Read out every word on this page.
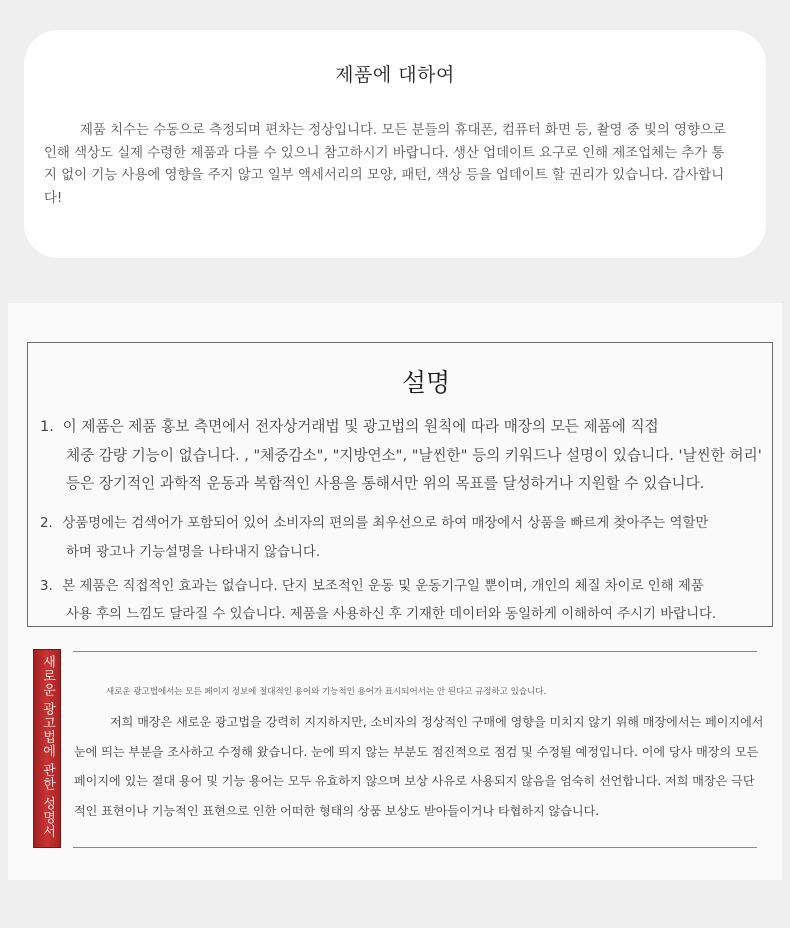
제품에 대하여
제품 치수는 수동으로 측정되며 편차는 정상입니다. 모든 분들의 휴대폰, 컴퓨터 화면 등, 촬영 중 빛의 영향으로 인해 색상도 실제 수령한 제품과 다를 수 있으니 참고하시기 바랍니다. 생산 업데이트 요구로 인해 제조업체는 추가 통지 없이 기능 사용에 영향을 주지 않고 일부 액세서리의 모양, 패턴, 색상 등을 업데이트 할 권리가 있습니다. 감사합니다!
설명
1. 이 제품은 제품 홍보 측면에서 전자상거래법 및 광고법의 원칙에 따라 매장의 모든 제품에 직접
체중 감량 기능이 없습니다. , "체중감소", "지방연소", "날씬한" 등의 키워드나 설명이 있습니다. '날씬한 허리' 등은 장기적인 과학적 운동과 복합적인 사용을 통해서만 위의 목표를 달성하거나 지원할 수 있습니다.
2. 상품명에는 검색어가 포함되어 있어 소비자의 편의를 최우선으로 하여 매장에서 상품을 빠르게 찾아주는 역할만
하며 광고나 기능설명을 나타내지 않습니다.
3. 본 제품은 직접적인 효과는 없습니다. 단지 보조적인 운동 및 운동기구일 뿐이며, 개인의 체질 차이로 인해 제품
사용 후의 느낌도 달라질 수 있습니다. 제품을 사용하신 후 기재한 데이터와 동일하게 이해하여 주시기 바랍니다.
새로운 광고법에 관한 성명서	새로운 광고법에서는 모든 페이지 정보에 절대적인 용어와 기능적인 용어가 표시되어서는 안 된다고 규정하고 있습니다.
저희 매장은 새로운 광고법을 강력히 지지하지만, 소비자의 정상적인 구매에 영향을 미치지 않기 위해 매장에서는 페이지에서 눈에 띄는 부분을 조사하고 수정해 왔습니다. 눈에 띄지 않는 부분도 점진적으로 점검 및 수정될 예정입니다. 이에 당사 매장의 모든 페이지에 있는 절대 용어 및 기능 용어는 모두 유효하지 않으며 보상 사유로 사용되지 않음을 엄숙히 선언합니다. 저희 매장은 극단적인 표현이나 기능적인 표현으로 인한 어떠한 형태의 상품 보상도 받아들이거나 타협하지 않습니다.
